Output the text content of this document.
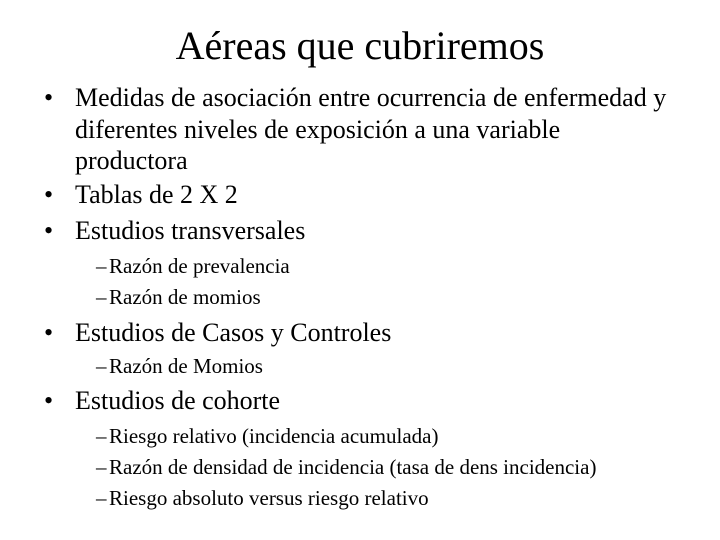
Aéreas que cubriremos
• Medidas de asociación entre ocurrencia de enfermedad y diferentes niveles de exposición a una variable productora
• Tablas de 2 X 2
• Estudios transversales
– Razón de prevalencia
– Razón de momios
• Estudios de Casos y Controles
– Razón de Momios
• Estudios de cohorte
– Riesgo relativo (incidencia acumulada)
– Razón de densidad de incidencia (tasa de dens incidencia)
– Riesgo absoluto versus riesgo relativo
